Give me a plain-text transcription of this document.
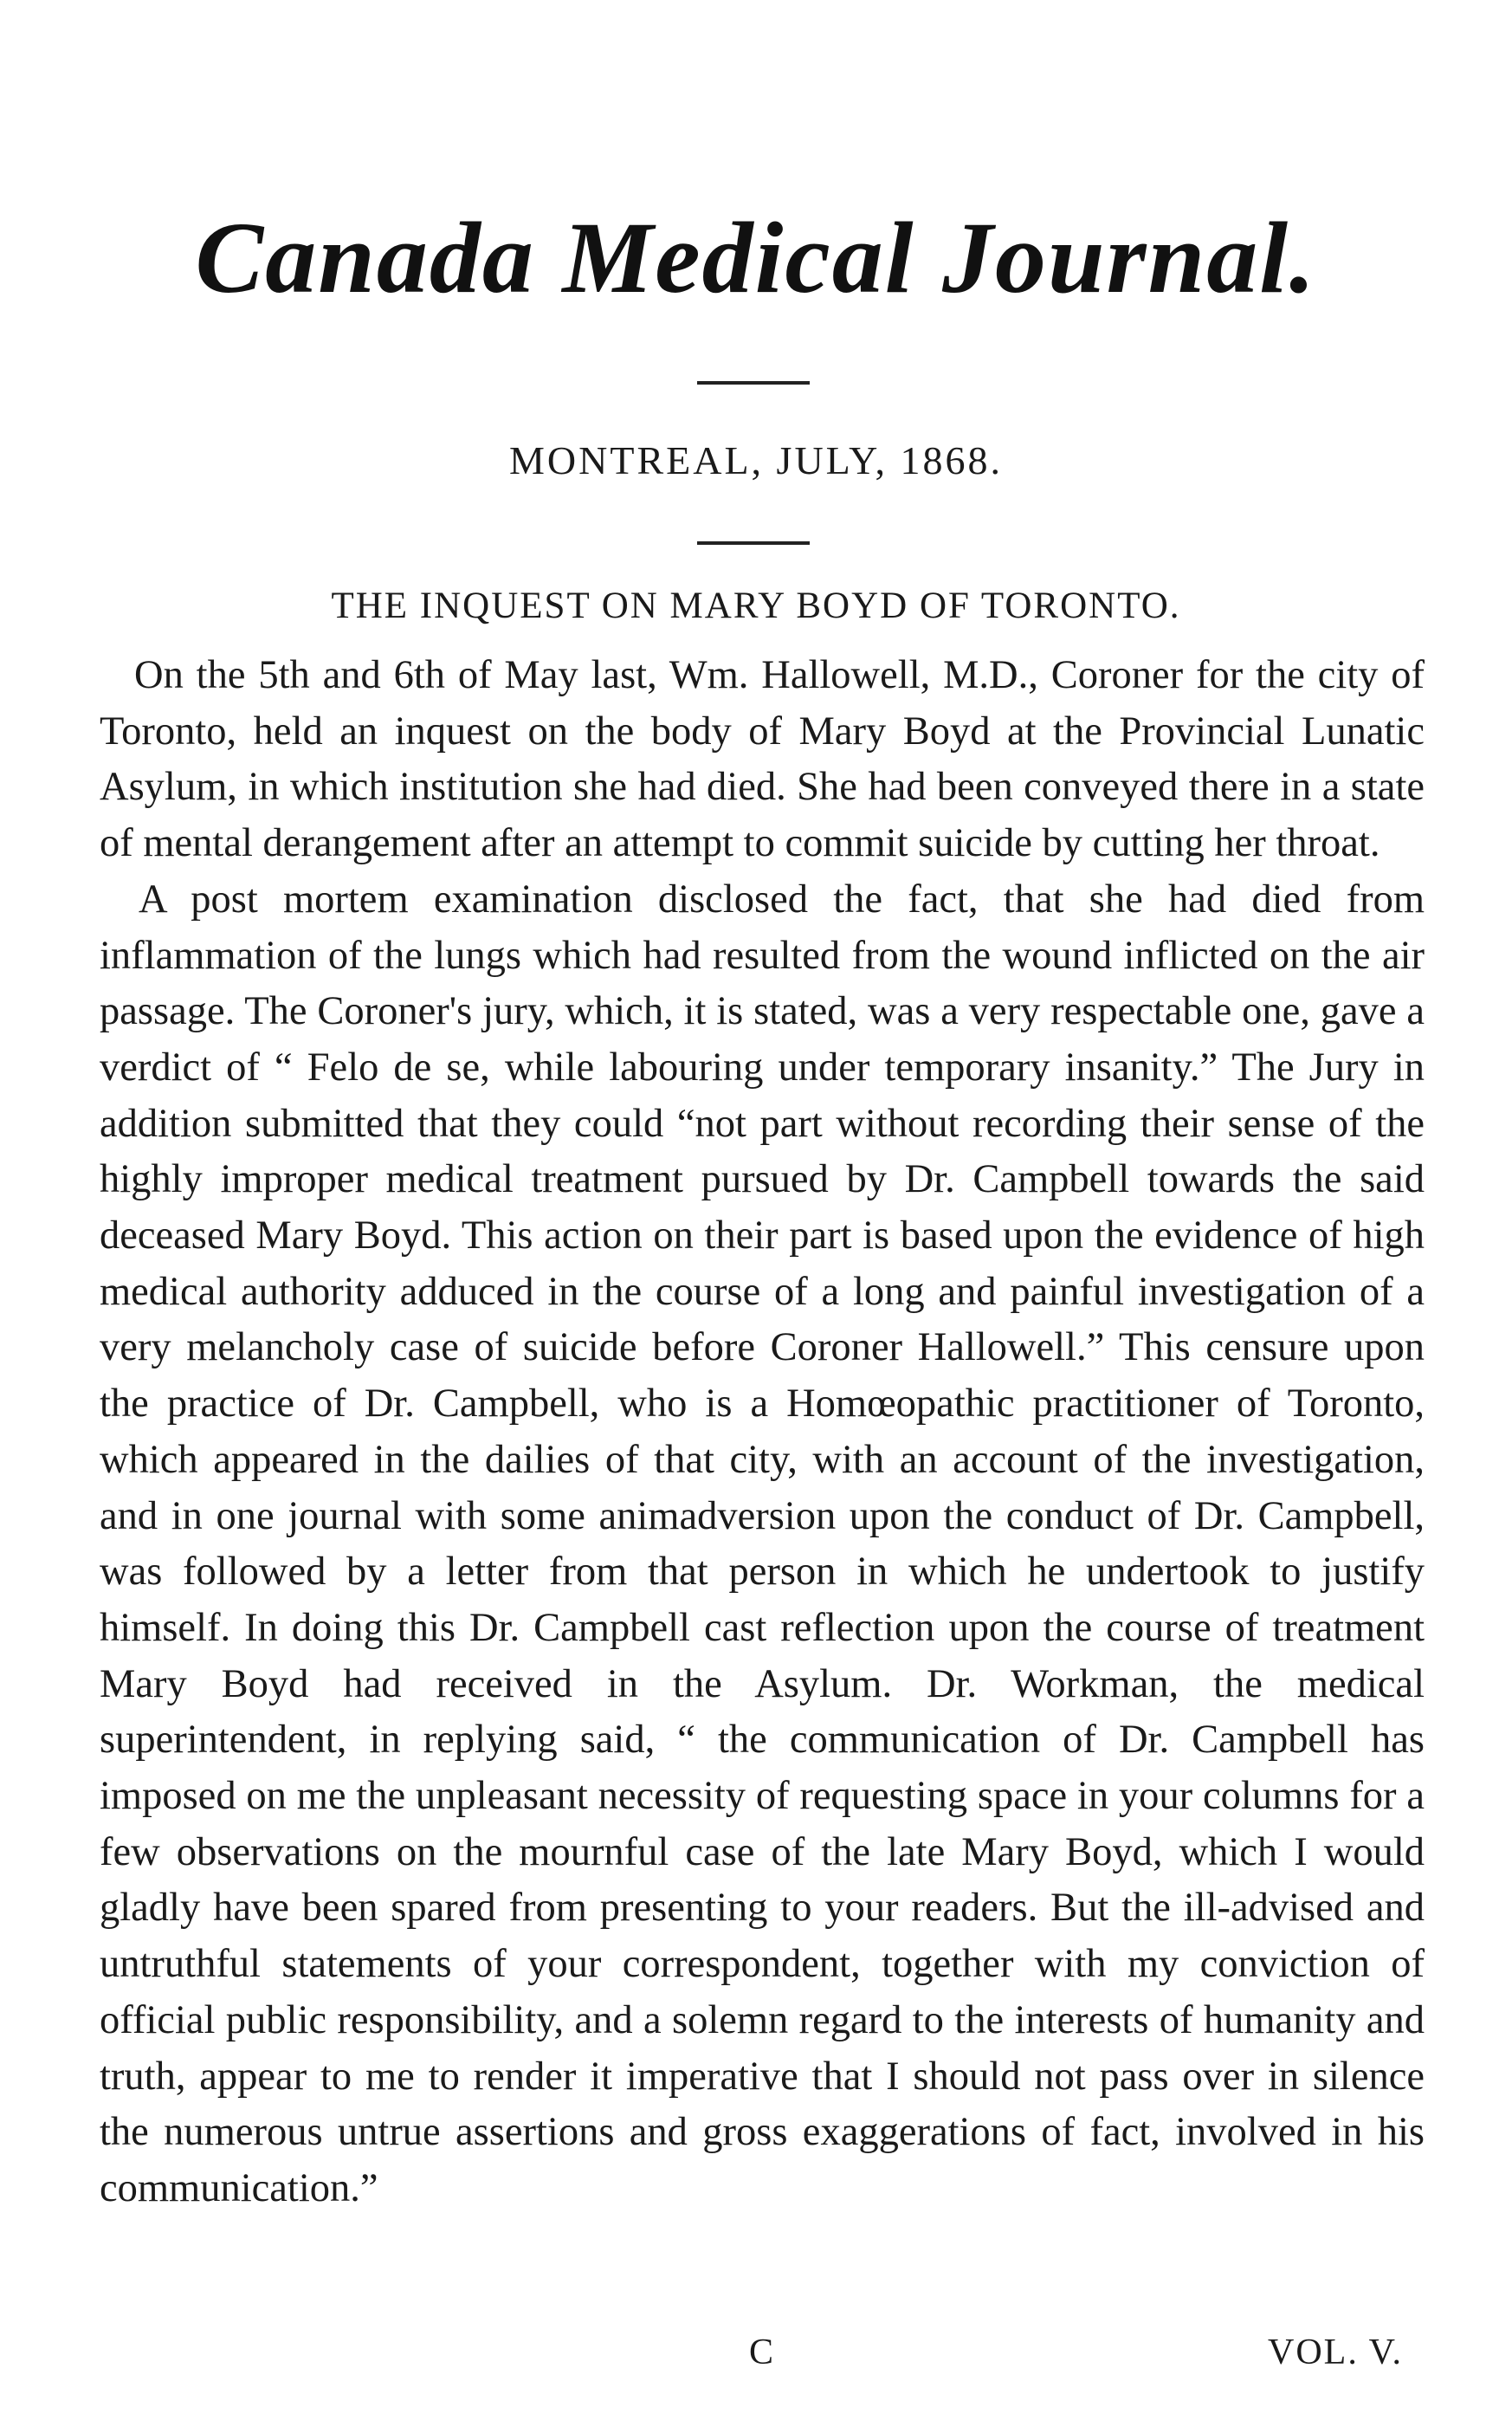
Canada Medical Journal.
MONTREAL, JULY, 1868.
THE INQUEST ON MARY BOYD OF TORONTO.

On the 5th and 6th of May last, Wm. Hallowell, M.D., Coroner for the city of Toronto, held an inquest on the body of Mary Boyd at the Provincial Lunatic Asylum, in which institution she had died. She had been conveyed there in a state of mental derangement after an attempt to commit suicide by cutting her throat.

A post mortem examination disclosed the fact, that she had died from inflammation of the lungs which had resulted from the wound inflicted on the air passage. The Coroner's jury, which, it is stated, was a very respectable one, gave a verdict of “ Felo de se, while labouring under temporary insanity.” The Jury in addition submitted that they could “not part without recording their sense of the highly improper medical treatment pursued by Dr. Campbell towards the said deceased Mary Boyd. This action on their part is based upon the evidence of high medical authority adduced in the course of a long and painful investigation of a very melancholy case of suicide before Coroner Hallowell.” This censure upon the practice of Dr. Campbell, who is a Homœopathic practitioner of Toronto, which appeared in the dailies of that city, with an account of the investigation, and in one journal with some animadversion upon the conduct of Dr. Campbell, was followed by a letter from that person in which he undertook to justify himself. In doing this Dr. Campbell cast reflection upon the course of treatment Mary Boyd had received in the Asylum. Dr. Workman, the medical superintendent, in replying said, “ the communication of Dr. Campbell has imposed on me the unpleasant necessity of requesting space in your columns for a few observations on the mournful case of the late Mary Boyd, which I would gladly have been spared from presenting to your readers. But the ill-advised and untruthful statements of your correspondent, together with my conviction of official public responsibility, and a solemn regard to the interests of humanity and truth, appear to me to render it imperative that I should not pass over in silence the numerous untrue assertions and gross exaggerations of fact, involved in his communication.”

C	VOL. V.
